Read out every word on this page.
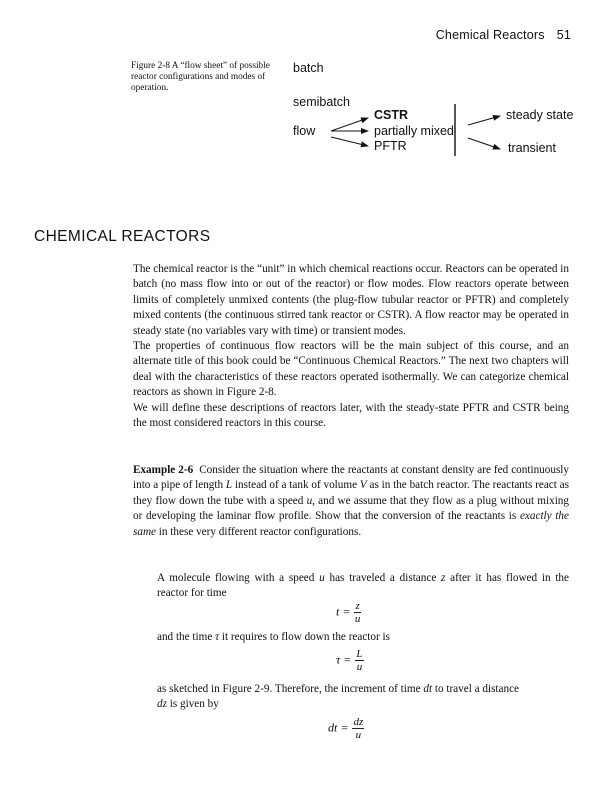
Chemical Reactors 51
Figure 2-8 A “flow sheet” of possible reactor configurations and modes of operation.
batch
semibatch
flow
CSTR
partially mixed
PFTR
steady state
transient
CHEMICAL REACTORS

The chemical reactor is the “unit” in which chemical reactions occur. Reactors can be operated in batch (no mass flow into or out of the reactor) or flow modes. Flow reactors operate between limits of completely unmixed contents (the plug-flow tubular reactor or PFTR) and completely mixed contents (the continuous stirred tank reactor or CSTR). A flow reactor may be operated in steady state (no variables vary with time) or transient modes.

The properties of continuous flow reactors will be the main subject of this course, and an alternate title of this book could be “Continuous Chemical Reactors.” The next two chapters will deal with the characteristics of these reactors operated isothermally. We can categorize chemical reactors as shown in Figure 2-8.

We will define these descriptions of reactors later, with the steady-state PFTR and CSTR being the most considered reactors in this course.

Example 2-6 Consider the situation where the reactants at constant density are fed continuously into a pipe of length L instead of a tank of volume V as in the batch reactor. The reactants react as they flow down the tube with a speed u, and we assume that they flow as a plug without mixing or developing the laminar flow profile. Show that the conversion of the reactants is exactly the same in these very different reactor configurations.

A molecule flowing with a speed u has traveled a distance z after it has flowed in the reactor for time
$t = \frac{z}{u}$
and the time τ it requires to flow down the reactor is
$\tau = \frac{L}{u}$
as sketched in Figure 2-9. Therefore, the increment of time dt to travel a distance
dz is given by
dt = $\frac{dz}{u}$
